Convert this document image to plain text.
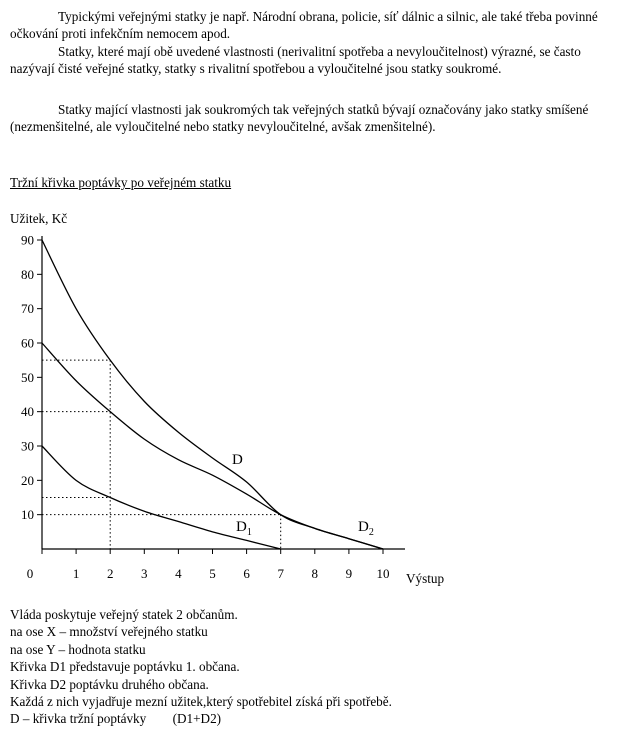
Typickými veřejnými statky je např. Národní obrana, policie, síť dálnic a silnic, ale také třeba povinné očkování proti infekčním nemocem apod.

Statky, které mají obě uvedené vlastnosti (nerivalitní spotřeba a nevyloučitelnost) výrazné, se často nazývají čisté veřejné statky, statky s rivalitní spotřebou a vyloučitelné jsou statky soukromé.

Statky mající vlastnosti jak soukromých tak veřejných statků bývají označovány jako statky smíšené (nezmenšitelné, ale vyloučitelné nebo statky nevyloučitelné, avšak zmenšitelné).

Tržní křivka poptávky po veřejném statku

Užitek, Kč
0	1 2 3 4 5 6 7 8 9 10
10
20
30
40
50
60
70
80
90
D
$D_1$	$D_2$
Výstup
Vláda poskytuje veřejný statek 2 občanům.
na ose X – množství veřejného statku
na ose Y – hodnota statku
Křivka D1 představuje poptávku 1. občana.
Křivka D2 poptávku druhého občana.
Každá z nich vyjadřuje mezní užitek,který spotřebitel získá při spotřebě.
D – křivka tržní poptávky        (D1+D2)
